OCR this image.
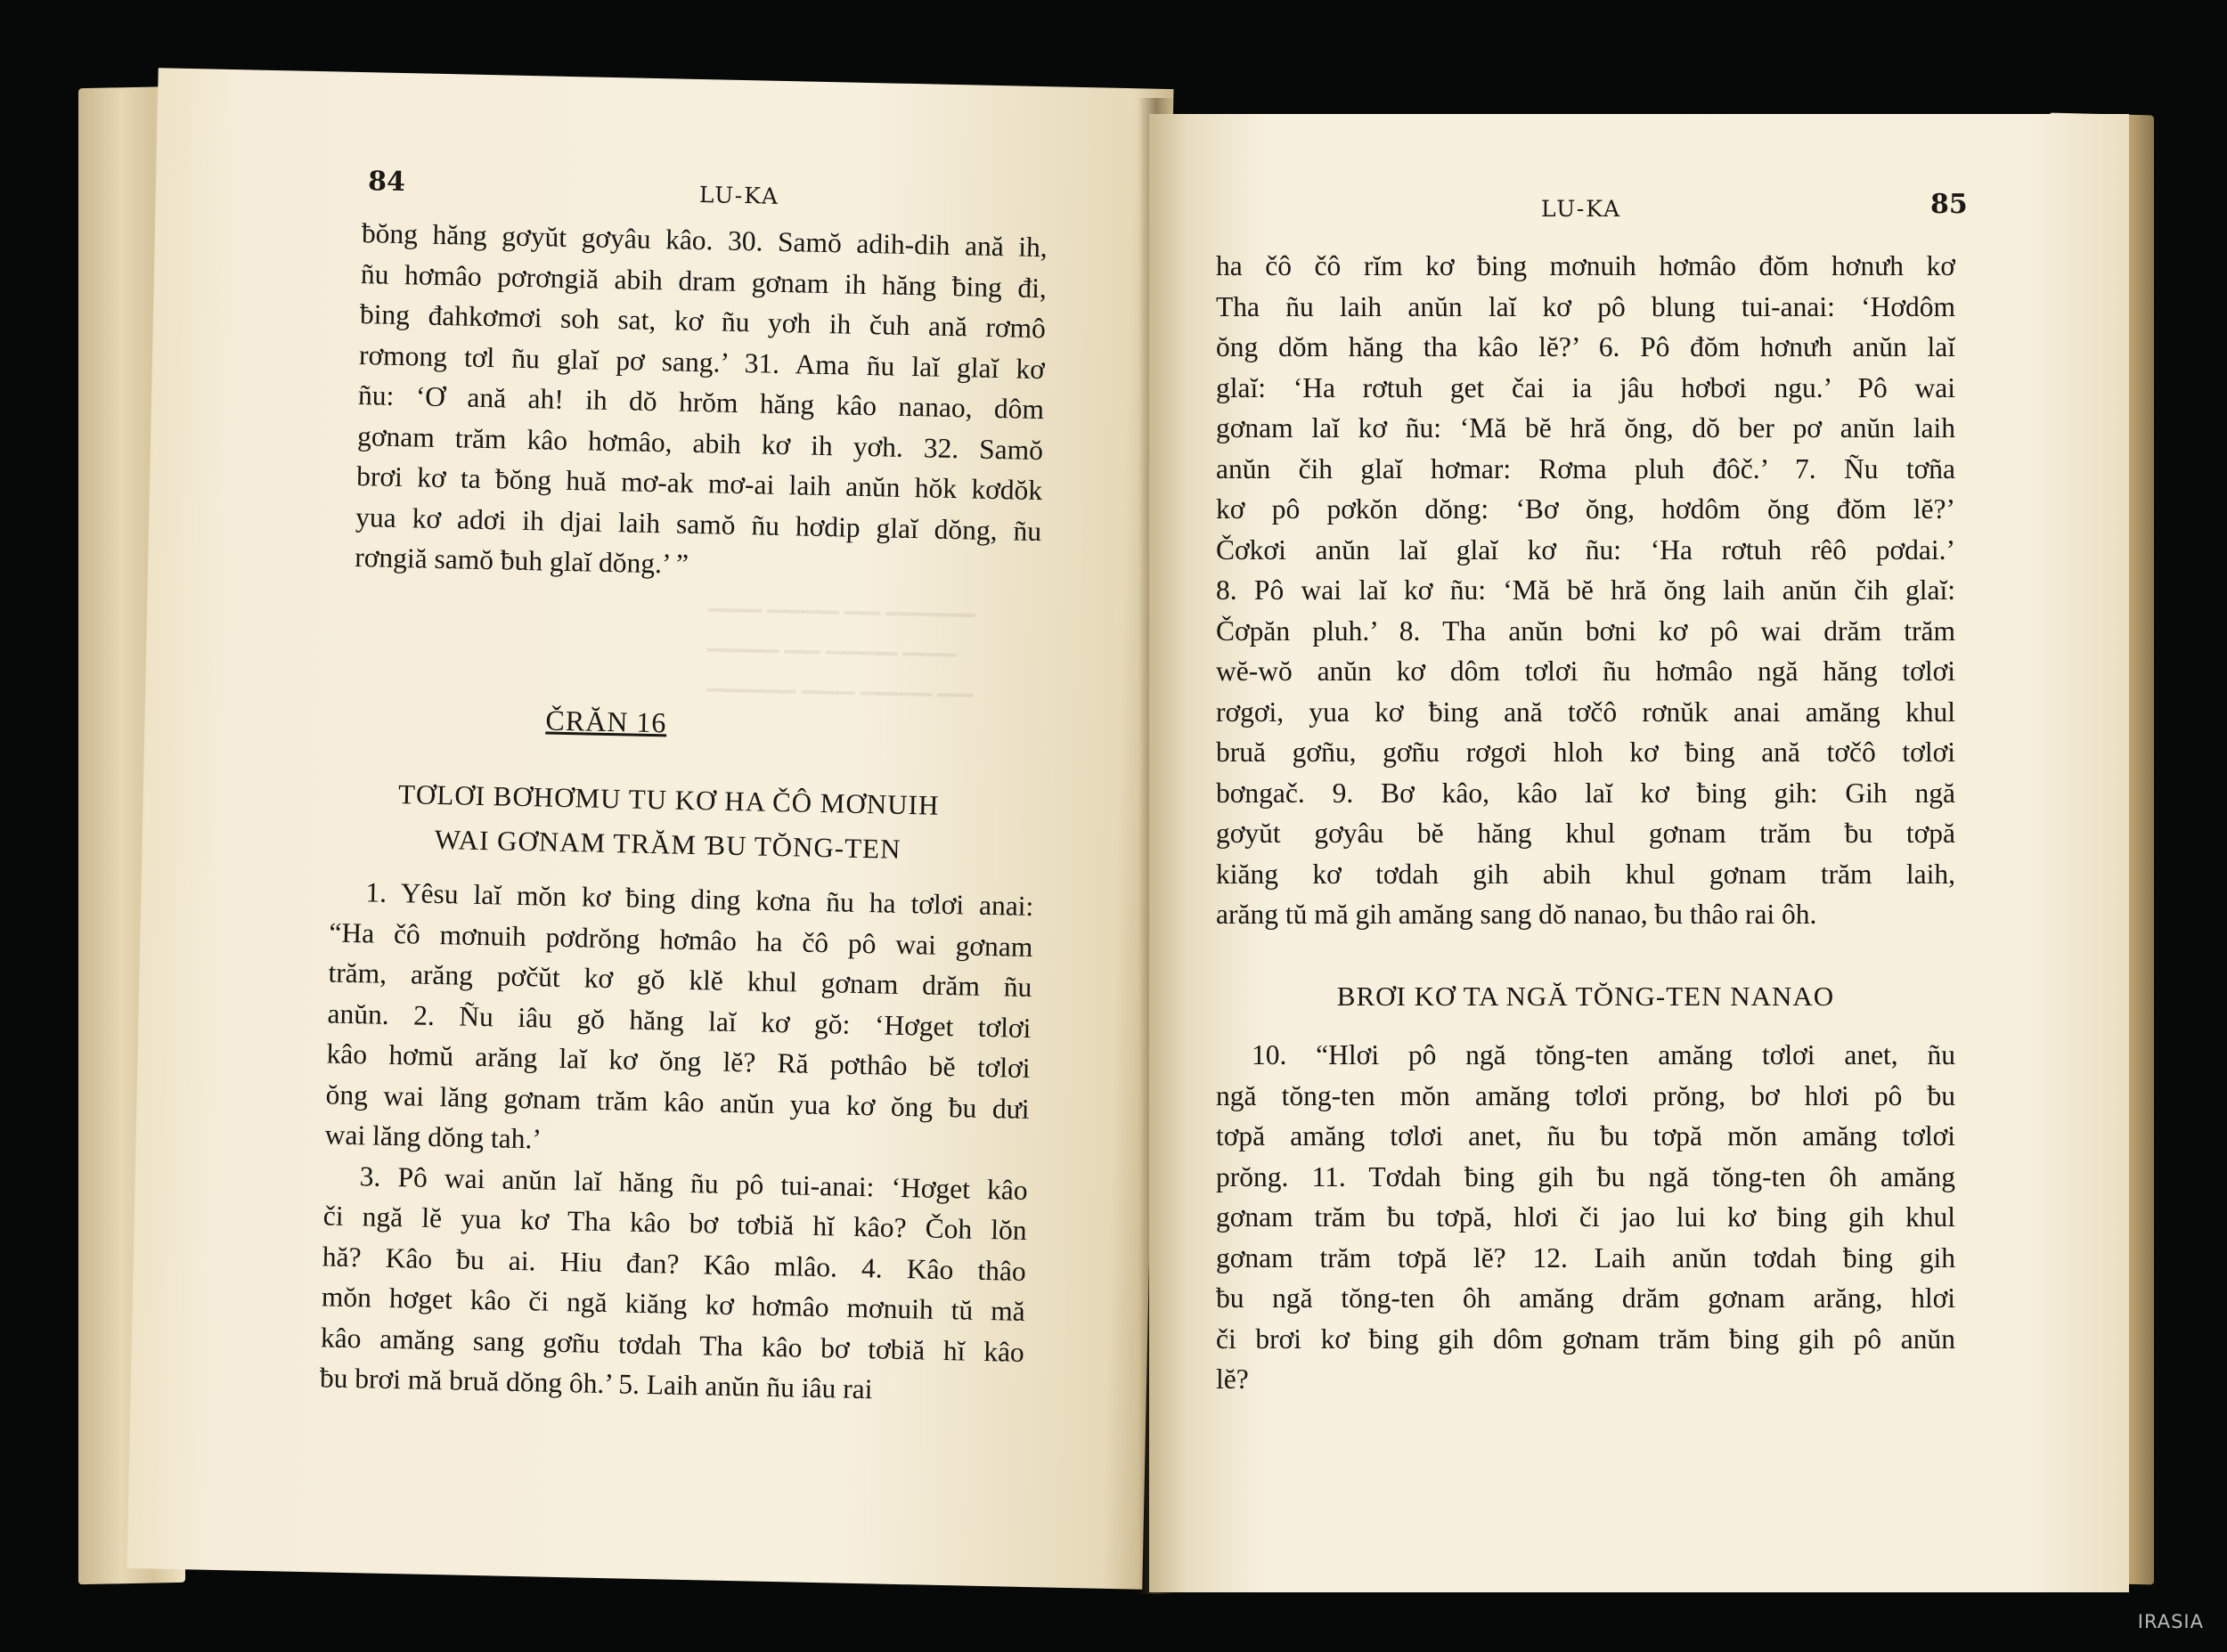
84	LU-KA
▁▁▁ ▁▁▁▁ ▁▁ ▁▁▁▁▁
▁▁▁▁ ▁▁ ▁▁▁▁ ▁▁▁
▁▁▁▁▁ ▁▁▁ ▁▁▁▁ ▁▁
ƀŏng hăng gơyŭt gơyâu kâo. 30. Samŏ adih-dih ană ih,
ñu hơmâo pơrơngiă abih dram gơnam ih hăng ƀing đi,
ƀing đahkơmơi soh sat, kơ ñu yơh ih čuh ană rơmô
rơmong tơl ñu glaĭ pơ sang.’ 31. Ama ñu laĭ glaĭ kơ
ñu: ‘Ơ ană ah! ih dŏ hrŏm hăng kâo nanao, dôm
gơnam trăm kâo hơmâo, abih kơ ih yơh. 32. Samŏ
brơi kơ ta ƀŏng huă mơ-ak mơ-ai laih anŭn hŏk kơdŏk
yua kơ adơi ih djai laih samŏ ñu hơdip glaĭ dŏng, ñu
rơngiă samŏ ƀuh glaĭ dŏng.’ ”
ČRĂN 16
TƠLƠI BƠHƠMU TU KƠ HA ČÔ MƠNUIH
WAI GƠNAM TRĂM ƁU TŎNG-TEN
1. Yêsu laĭ mŏn kơ ƀing ding kơna ñu ha tơlơi anai:
“Ha čô mơnuih pơdrŏng hơmâo ha čô pô wai gơnam
trăm, arăng pơčŭt kơ gŏ klĕ khul gơnam drăm ñu
anŭn. 2. Ñu iâu gŏ hăng laĭ kơ gŏ: ‘Hơget tơlơi
kâo hơmŭ arăng laĭ kơ ŏng lĕ? Ră pơthâo bĕ tơlơi
ŏng wai lăng gơnam trăm kâo anŭn yua kơ ŏng ƀu dưi
wai lăng dŏng tah.’
3. Pô wai anŭn laĭ hăng ñu pô tui-anai: ‘Hơget kâo
či ngă lĕ yua kơ Tha kâo bơ tơbiă hĭ kâo? Čoh lŏn
hă? Kâo ƀu ai. Hiu đan? Kâo mlâo. 4. Kâo thâo
mŏn hơget kâo či ngă kiăng kơ hơmâo mơnuih tŭ mă
kâo amăng sang gơñu tơdah Tha kâo bơ tơbiă hĭ kâo
ƀu brơi mă bruă dŏng ôh.’ 5. Laih anŭn ñu iâu rai
LU-KA	85
ha čô čô rĭm kơ ƀing mơnuih hơmâo đŏm hơnưh kơ
Tha ñu laih anŭn laĭ kơ pô blung tui-anai: ‘Hơdôm
ŏng dŏm hăng tha kâo lĕ?’ 6. Pô đŏm hơnưh anŭn laĭ
glaĭ: ‘Ha rơtuh get čai ia jâu hơbơi ngu.’ Pô wai
gơnam laĭ kơ ñu: ‘Mă bĕ hră ŏng, dŏ ber pơ anŭn laih
anŭn čih glaĭ hơmar: Rơma pluh đôč.’ 7. Ñu tơña
kơ pô pơkŏn dŏng: ‘Bơ ŏng, hơdôm ŏng đŏm lĕ?’
Čơkơi anŭn laĭ glaĭ kơ ñu: ‘Ha rơtuh rêô pơdai.’
8. Pô wai laĭ kơ ñu: ‘Mă bĕ hră ŏng laih anŭn čih glaĭ:
Čơpăn pluh.’ 8. Tha anŭn bơni kơ pô wai drăm trăm
wĕ-wŏ anŭn kơ dôm tơlơi ñu hơmâo ngă hăng tơlơi
rơgơi, yua kơ ƀing ană tơčô rơnŭk anai amăng khul
bruă gơñu, gơñu rơgơi hloh kơ ƀing ană tơčô tơlơi
bơngač. 9. Bơ kâo, kâo laĭ kơ ƀing gih: Gih ngă
gơyŭt gơyâu bĕ hăng khul gơnam trăm ƀu tơpă
kiăng kơ tơdah gih abih khul gơnam trăm laih,
arăng tŭ mă gih amăng sang dŏ nanao, ƀu thâo rai ôh.
BRƠI KƠ TA NGĂ TŎNG-TEN NANAO
10. “Hlơi pô ngă tŏng-ten amăng tơlơi anet, ñu
ngă tŏng-ten mŏn amăng tơlơi prŏng, bơ hlơi pô ƀu
tơpă amăng tơlơi anet, ñu ƀu tơpă mŏn amăng tơlơi
prŏng. 11. Tơdah ƀing gih ƀu ngă tŏng-ten ôh amăng
gơnam trăm ƀu tơpă, hlơi či jao lui kơ ƀing gih khul
gơnam trăm tơpă lĕ? 12. Laih anŭn tơdah ƀing gih
ƀu ngă tŏng-ten ôh amăng drăm gơnam arăng, hlơi
či brơi kơ ƀing gih dôm gơnam trăm ƀing gih pô anŭn
lĕ?
IRASIA
